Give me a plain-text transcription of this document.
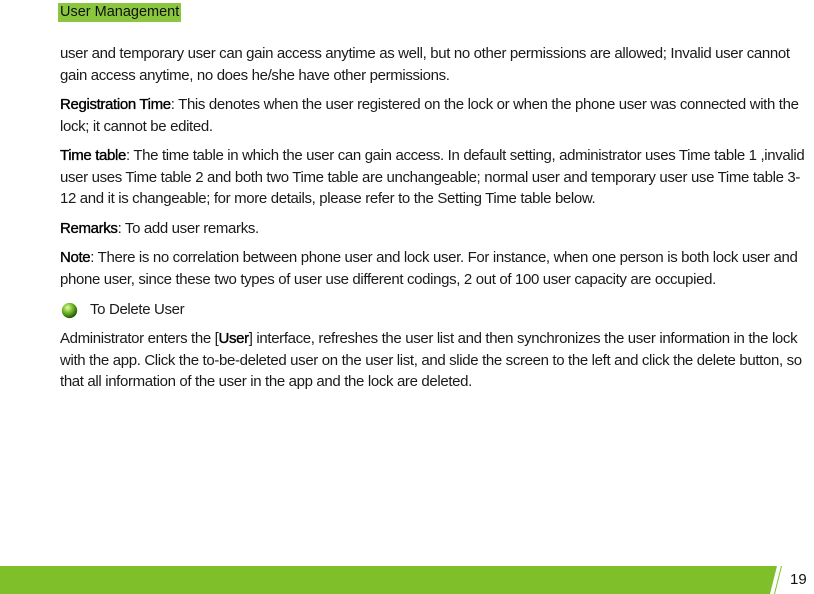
User Management

user and temporary user can gain access anytime as well, but no other permissions are allowed; Invalid user cannot gain access anytime, no does he/she have other permissions.

Registration Time: This denotes when the user registered on the lock or when the phone user was connected with the lock; it cannot be edited.

Time table: The time table in which the user can gain access. In default setting, administrator uses Time table 1 ,invalid user uses Time table 2 and both two Time table are unchangeable; normal user and temporary user use Time table 3-12 and it is changeable; for more details, please refer to the Setting Time table below.

Remarks: To add user remarks.

Note: There is no correlation between phone user and lock user. For instance, when one person is both lock user and phone user, since these two types of user use different codings, 2 out of 100 user capacity are occupied.

To Delete User

Administrator enters the [User] interface, refreshes the user list and then synchronizes the user information in the lock with the app. Click the to-be-deleted user on the user list, and slide the screen to the left and click the delete button, so that all information of the user in the app and the lock are deleted.

19
